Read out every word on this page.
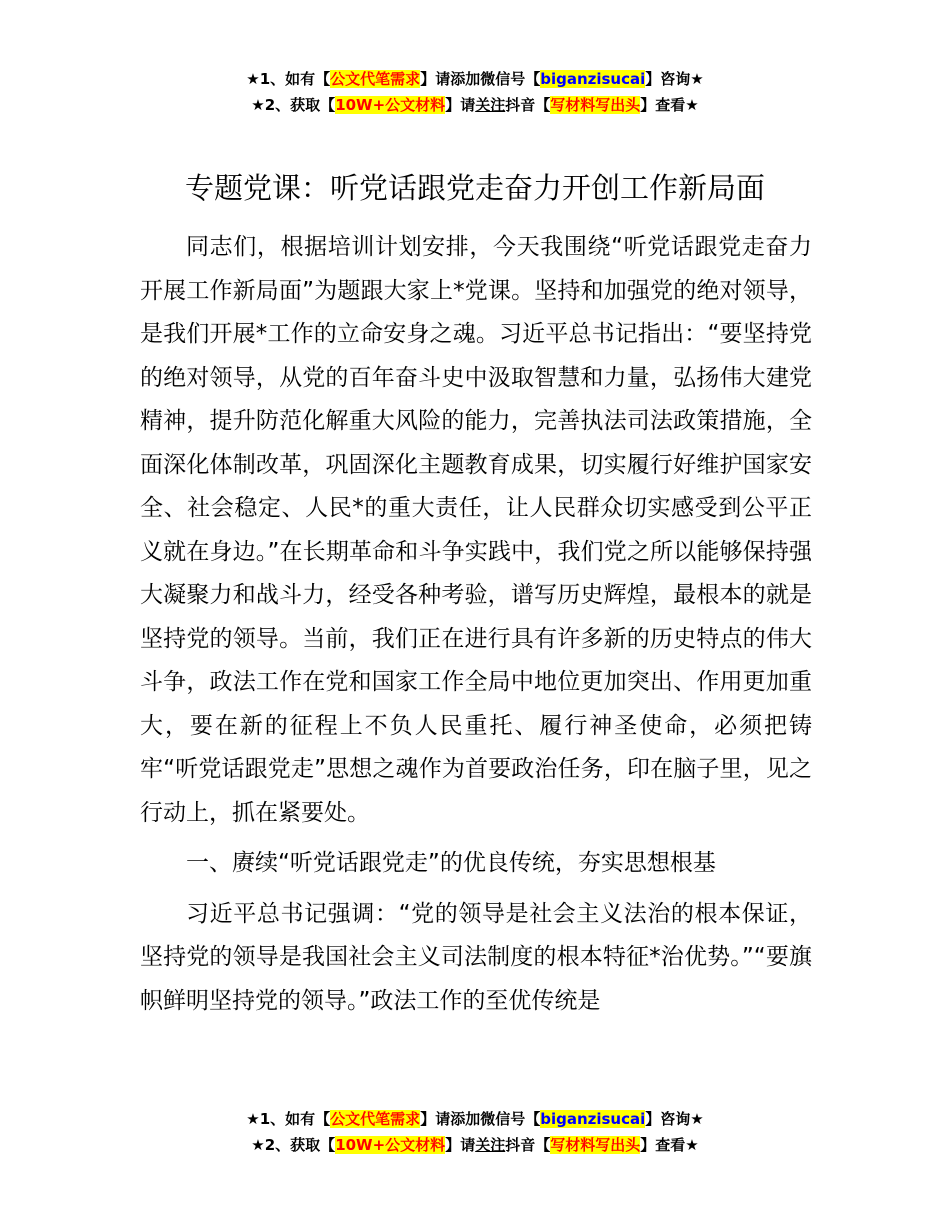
★1、如有【公文代笔需求】请添加微信号【biganzisucai】咨询★
★2、获取【10W+公文材料】请关注抖音【写材料写出头】查看★
专题党课：听党话跟党走奋力开创工作新局面

同志们，根据培训计划安排，今天我围绕“听党话跟党走奋力开展工作新局面”为题跟大家上*党课。坚持和加强党的绝对领导，是我们开展*工作的立命安身之魂。习近平总书记指出：“要坚持党的绝对领导，从党的百年奋斗史中汲取智慧和力量，弘扬伟大建党精神，提升防范化解重大风险的能力，完善执法司法政策措施，全面深化体制改革，巩固深化主题教育成果，切实履行好维护国家安全、社会稳定、人民*的重大责任，让人民群众切实感受到公平正义就在身边。”在长期革命和斗争实践中，我们党之所以能够保持强大凝聚力和战斗力，经受各种考验，谱写历史辉煌，最根本的就是坚持党的领导。当前，我们正在进行具有许多新的历史特点的伟大斗争，政法工作在党和国家工作全局中地位更加突出、作用更加重大，要在新的征程上不负人民重托、履行神圣使命，必须把铸牢“听党话跟党走”思想之魂作为首要政治任务，印在脑子里，见之行动上，抓在紧要处。

一、赓续“听党话跟党走”的优良传统，夯实思想根基

习近平总书记强调：“党的领导是社会主义法治的根本保证，坚持党的领导是我国社会主义司法制度的根本特征*治优势。”“要旗帜鲜明坚持党的领导。”政法工作的至优传统是

★1、如有【公文代笔需求】请添加微信号【biganzisucai】咨询★
★2、获取【10W+公文材料】请关注抖音【写材料写出头】查看★
